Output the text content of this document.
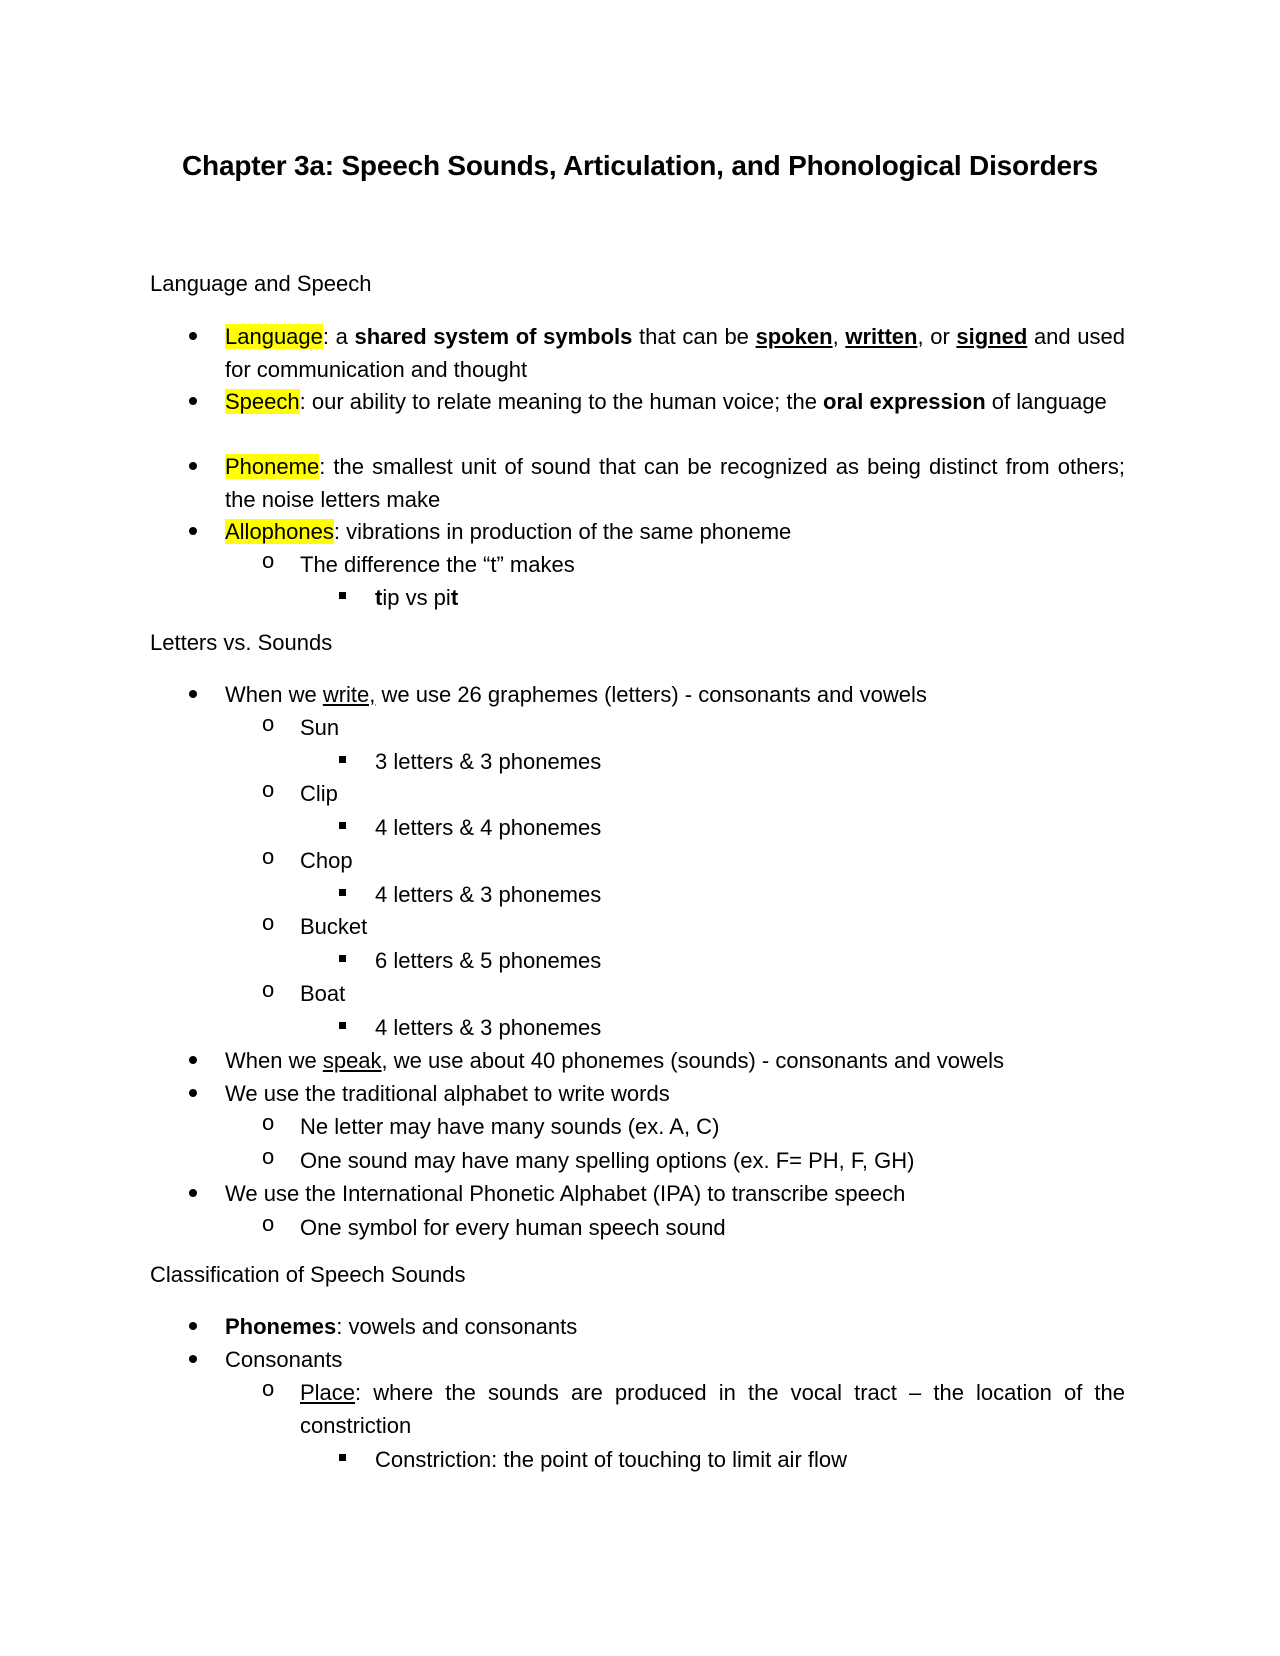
Chapter 3a: Speech Sounds, Articulation, and Phonological Disorders
Language and Speech
Language: a shared system of symbols that can be spoken, written, or signed and used for communication and thought
Speech: our ability to relate meaning to the human voice; the oral expression of language
Phoneme: the smallest unit of sound that can be recognized as being distinct from others; the noise letters make
Allophones: vibrations in production of the same phoneme
o The difference the “t” makes
tip vs pit
Letters vs. Sounds
When we write, we use 26 graphemes (letters) - consonants and vowels
o Sun
3 letters & 3 phonemes
o Clip
4 letters & 4 phonemes
o Chop
4 letters & 3 phonemes
o Bucket
6 letters & 5 phonemes
o Boat
4 letters & 3 phonemes
When we speak, we use about 40 phonemes (sounds) - consonants and vowels
We use the traditional alphabet to write words
o Ne letter may have many sounds (ex. A, C)
o One sound may have many spelling options (ex. F= PH, F, GH)
We use the International Phonetic Alphabet (IPA) to transcribe speech
o One symbol for every human speech sound
Classification of Speech Sounds
Phonemes: vowels and consonants
Consonants
o Place: where the sounds are produced in the vocal tract – the location of the constriction
Constriction: the point of touching to limit air flow
